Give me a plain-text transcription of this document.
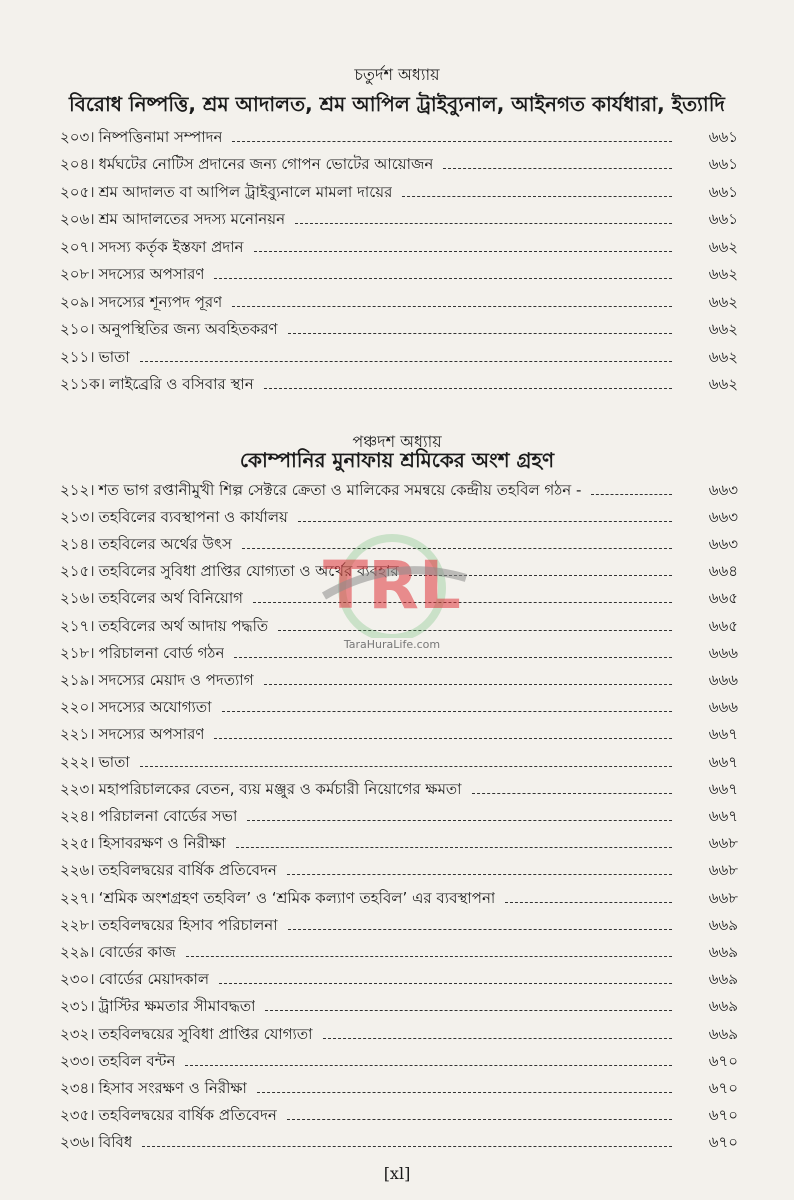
চতুর্দশ অধ্যায়
বিরোধ নিষ্পত্তি, শ্রম আদালত, শ্রম আপিল ট্রাইব্যুনাল, আইনগত কার্যধারা, ইত্যাদি
২০৩। নিষ্পত্তিনামা সম্পাদন	৬৬১
২০৪। ধর্মঘটের নোটিস প্রদানের জন্য গোপন ভোটের আয়োজন	৬৬১
২০৫। শ্রম আদালত বা আপিল ট্রাইব্যুনালে মামলা দায়ের	৬৬১
২০৬। শ্রম আদালতের সদস্য মনোনয়ন	৬৬১
২০৭। সদস্য কর্তৃক ইস্তফা প্রদান	৬৬২
২০৮। সদস্যের অপসারণ	৬৬২
২০৯। সদস্যের শূন্যপদ পূরণ	৬৬২
২১০। অনুপস্থিতির জন্য অবহিতকরণ	৬৬২
২১১। ভাতা	৬৬২
২১১ক। লাইব্রেরি ও বসিবার স্থান	৬৬২
পঞ্চদশ অধ্যায়
কোম্পানির মুনাফায় শ্রমিকের অংশ গ্রহণ
২১২। শত ভাগ রপ্তানীমুখী শিল্প সেক্টরে ক্রেতা ও মালিকের সমন্বয়ে কেন্দ্রীয় তহবিল গঠন -	৬৬৩
২১৩। তহবিলের ব্যবস্থাপনা ও কার্যালয়	৬৬৩
২১৪। তহবিলের অর্থের উৎস	৬৬৩
২১৫। তহবিলের সুবিধা প্রাপ্তির যোগ্যতা ও অর্থের ব্যবহার	৬৬৪
২১৬। তহবিলের অর্থ বিনিয়োগ	৬৬৫
২১৭। তহবিলের অর্থ আদায় পদ্ধতি	৬৬৫
২১৮। পরিচালনা বোর্ড গঠন	৬৬৬
২১৯। সদস্যের মেয়াদ ও পদত্যাগ	৬৬৬
২২০। সদস্যের অযোগ্যতা	৬৬৬
২২১। সদস্যের অপসারণ	৬৬৭
২২২। ভাতা	৬৬৭
২২৩। মহাপরিচালকের বেতন, ব্যয় মঞ্জুর ও কর্মচারী নিয়োগের ক্ষমতা	৬৬৭
২২৪। পরিচালনা বোর্ডের সভা	৬৬৭
২২৫। হিসাবরক্ষণ ও নিরীক্ষা	৬৬৮
২২৬। তহবিলদ্বয়ের বার্ষিক প্রতিবেদন	৬৬৮
২২৭। ‘শ্রমিক অংশগ্রহণ তহবিল’ ও ‘শ্রমিক কল্যাণ তহবিল’ এর ব্যবস্থাপনা	৬৬৮
২২৮। তহবিলদ্বয়ের হিসাব পরিচালনা	৬৬৯
২২৯। বোর্ডের কাজ	৬৬৯
২৩০। বোর্ডের মেয়াদকাল	৬৬৯
২৩১। ট্রাস্টির ক্ষমতার সীমাবদ্ধতা	৬৬৯
২৩২। তহবিলদ্বয়ের সুবিধা প্রাপ্তির যোগ্যতা	৬৬৯
২৩৩। তহবিল বন্টন	৬৭০
২৩৪। হিসাব সংরক্ষণ ও নিরীক্ষা	৬৭০
২৩৫। তহবিলদ্বয়ের বার্ষিক প্রতিবেদন	৬৭০
২৩৬। বিবিধ	৬৭০
TRL
TaraHuraLife.com
[xl]
